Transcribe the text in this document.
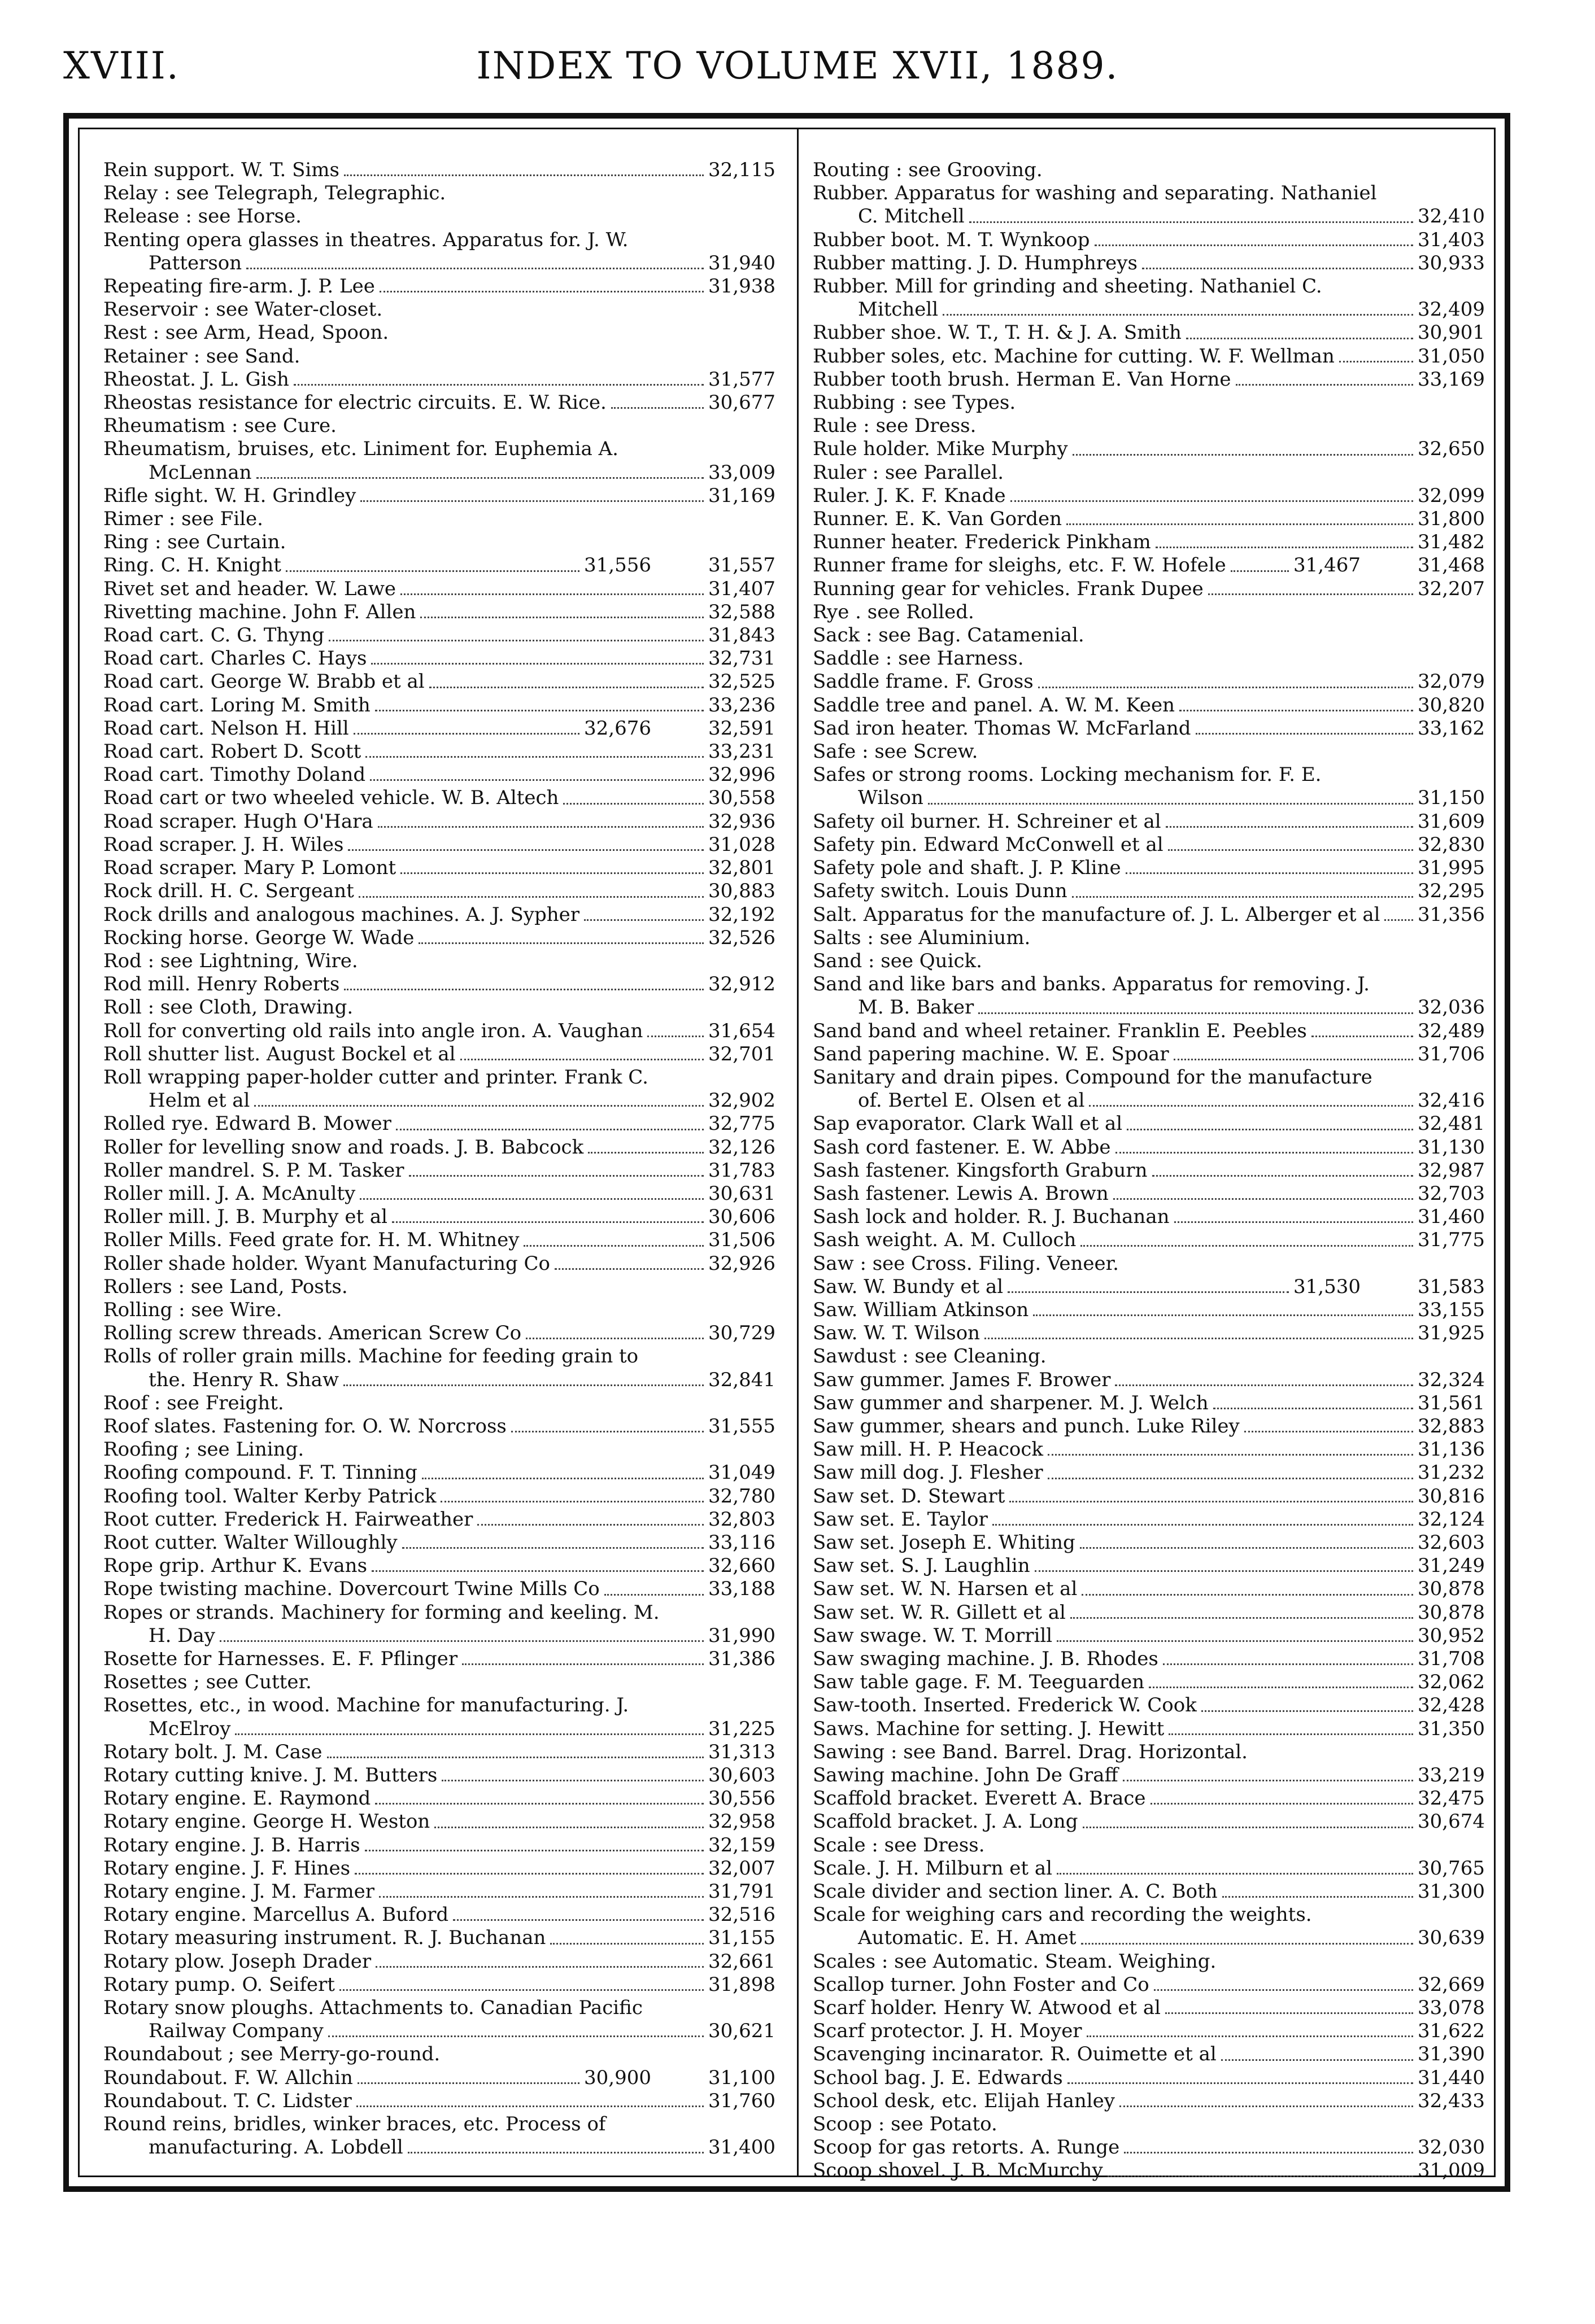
XVIII.	INDEX TO VOLUME XVII, 1889.
Rein support. W. T. Sims	32,115
Relay : see Telegraph, Telegraphic.
Release : see Horse.
Renting opera glasses in theatres. Apparatus for. J. W. Patterson	31,940
Repeating fire-arm. J. P. Lee	31,938
Reservoir : see Water-closet.
Rest : see Arm, Head, Spoon.
Retainer : see Sand.
Rheostat. J. L. Gish	31,577
Rheostas resistance for electric circuits. E. W. Rice.	30,677
Rheumatism : see Cure.
Rheumatism, bruises, etc. Liniment for. Euphemia A. McLennan	33,009
Rifle sight. W. H. Grindley	31,169
Rimer : see File.
Ring : see Curtain.
Ring. C. H. Knight	31,556	31,557
Rivet set and header. W. Lawe	31,407
Rivetting machine. John F. Allen	32,588
Road cart. C. G. Thyng	31,843
Road cart. Charles C. Hays	32,731
Road cart. George W. Brabb et al	32,525
Road cart. Loring M. Smith	33,236
Road cart. Nelson H. Hill	32,676	32,591
Road cart. Robert D. Scott	33,231
Road cart. Timothy Doland	32,996
Road cart or two wheeled vehicle. W. B. Altech	30,558
Road scraper. Hugh O'Hara	32,936
Road scraper. J. H. Wiles	31,028
Road scraper. Mary P. Lomont	32,801
Rock drill. H. C. Sergeant	30,883
Rock drills and analogous machines. A. J. Sypher	32,192
Rocking horse. George W. Wade	32,526
Rod : see Lightning, Wire.
Rod mill. Henry Roberts	32,912
Roll : see Cloth, Drawing.
Roll for converting old rails into angle iron. A. Vaughan	31,654
Roll shutter list. August Bockel et al	32,701
Roll wrapping paper-holder cutter and printer. Frank C. Helm et al	32,902
Rolled rye. Edward B. Mower	32,775
Roller for levelling snow and roads. J. B. Babcock	32,126
Roller mandrel. S. P. M. Tasker	31,783
Roller mill. J. A. McAnulty	30,631
Roller mill. J. B. Murphy et al	30,606
Roller Mills. Feed grate for. H. M. Whitney	31,506
Roller shade holder. Wyant Manufacturing Co	32,926
Rollers : see Land, Posts.
Rolling : see Wire.
Rolling screw threads. American Screw Co	30,729
Rolls of roller grain mills. Machine for feeding grain to the. Henry R. Shaw	32,841
Roof : see Freight.
Roof slates. Fastening for. O. W. Norcross	31,555
Roofing ; see Lining.
Roofing compound. F. T. Tinning	31,049
Roofing tool. Walter Kerby Patrick	32,780
Root cutter. Frederick H. Fairweather	32,803
Root cutter. Walter Willoughly	33,116
Rope grip. Arthur K. Evans	32,660
Rope twisting machine. Dovercourt Twine Mills Co	33,188
Ropes or strands. Machinery for forming and keeling. M. H. Day	31,990
Rosette for Harnesses. E. F. Pflinger	31,386
Rosettes ; see Cutter.
Rosettes, etc., in wood. Machine for manufacturing. J. McElroy	31,225
Rotary bolt. J. M. Case	31,313
Rotary cutting knive. J. M. Butters	30,603
Rotary engine. E. Raymond	30,556
Rotary engine. George H. Weston	32,958
Rotary engine. J. B. Harris	32,159
Rotary engine. J. F. Hines	32,007
Rotary engine. J. M. Farmer	31,791
Rotary engine. Marcellus A. Buford	32,516
Rotary measuring instrument. R. J. Buchanan	31,155
Rotary plow. Joseph Drader	32,661
Rotary pump. O. Seifert	31,898
Rotary snow ploughs. Attachments to. Canadian Pacific Railway Company	30,621
Roundabout ; see Merry-go-round.
Roundabout. F. W. Allchin	30,900	31,100
Roundabout. T. C. Lidster	31,760
Round reins, bridles, winker braces, etc. Process of manufacturing. A. Lobdell	31,400
Routing : see Grooving.
Rubber. Apparatus for washing and separating. Nathaniel C. Mitchell	32,410
Rubber boot. M. T. Wynkoop	31,403
Rubber matting. J. D. Humphreys	30,933
Rubber. Mill for grinding and sheeting. Nathaniel C. Mitchell	32,409
Rubber shoe. W. T., T. H. & J. A. Smith	30,901
Rubber soles, etc. Machine for cutting. W. F. Wellman	31,050
Rubber tooth brush. Herman E. Van Horne	33,169
Rubbing : see Types.
Rule : see Dress.
Rule holder. Mike Murphy	32,650
Ruler : see Parallel.
Ruler. J. K. F. Knade	32,099
Runner. E. K. Van Gorden	31,800
Runner heater. Frederick Pinkham	31,482
Runner frame for sleighs, etc. F. W. Hofele	31,467	31,468
Running gear for vehicles. Frank Dupee	32,207
Rye . see Rolled.
Sack : see Bag. Catamenial.
Saddle : see Harness.
Saddle frame. F. Gross	32,079
Saddle tree and panel. A. W. M. Keen	30,820
Sad iron heater. Thomas W. McFarland	33,162
Safe : see Screw.
Safes or strong rooms. Locking mechanism for. F. E. Wilson	31,150
Safety oil burner. H. Schreiner et al	31,609
Safety pin. Edward McConwell et al	32,830
Safety pole and shaft. J. P. Kline	31,995
Safety switch. Louis Dunn	32,295
Salt. Apparatus for the manufacture of. J. L. Alberger et al 31,356
Salts : see Aluminium.
Sand : see Quick.
Sand and like bars and banks. Apparatus for removing. J. M. B. Baker	32,036
Sand band and wheel retainer. Franklin E. Peebles	32,489
Sand papering machine. W. E. Spoar	31,706
Sanitary and drain pipes. Compound for the manufacture of. Bertel E. Olsen et al	32,416
Sap evaporator. Clark Wall et al	32,481
Sash cord fastener. E. W. Abbe	31,130
Sash fastener. Kingsforth Graburn	32,987
Sash fastener. Lewis A. Brown	32,703
Sash lock and holder. R. J. Buchanan	31,460
Sash weight. A. M. Culloch	31,775
Saw : see Cross. Filing. Veneer.
Saw. W. Bundy et al	31,530	31,583
Saw. William Atkinson	33,155
Saw. W. T. Wilson	31,925
Sawdust : see Cleaning.
Saw gummer. James F. Brower	32,324
Saw gummer and sharpener. M. J. Welch	31,561
Saw gummer, shears and punch. Luke Riley	32,883
Saw mill. H. P. Heacock	31,136
Saw mill dog. J. Flesher	31,232
Saw set. D. Stewart	30,816
Saw set. E. Taylor	32,124
Saw set. Joseph E. Whiting	32,603
Saw set. S. J. Laughlin	31,249
Saw set. W. N. Harsen et al	30,878
Saw set. W. R. Gillett et al	30,878
Saw swage. W. T. Morrill	30,952
Saw swaging machine. J. B. Rhodes	31,708
Saw table gage. F. M. Teeguarden	32,062
Saw-tooth. Inserted. Frederick W. Cook	32,428
Saws. Machine for setting. J. Hewitt	31,350
Sawing : see Band. Barrel. Drag. Horizontal.
Sawing machine. John De Graff	33,219
Scaffold bracket. Everett A. Brace	32,475
Scaffold bracket. J. A. Long	30,674
Scale : see Dress.
Scale. J. H. Milburn et al	30,765
Scale divider and section liner. A. C. Both	31,300
Scale for weighing cars and recording the weights. Automatic. E. H. Amet	30,639
Scales : see Automatic. Steam. Weighing.
Scallop turner. John Foster and Co	32,669
Scarf holder. Henry W. Atwood et al	33,078
Scarf protector. J. H. Moyer	31,622
Scavenging incinarator. R. Ouimette et al	31,390
School bag. J. E. Edwards	31,440
School desk, etc. Elijah Hanley	32,433
Scoop : see Potato.
Scoop for gas retorts. A. Runge	32,030
Scoop shovel. J. B. McMurchy	31,009
